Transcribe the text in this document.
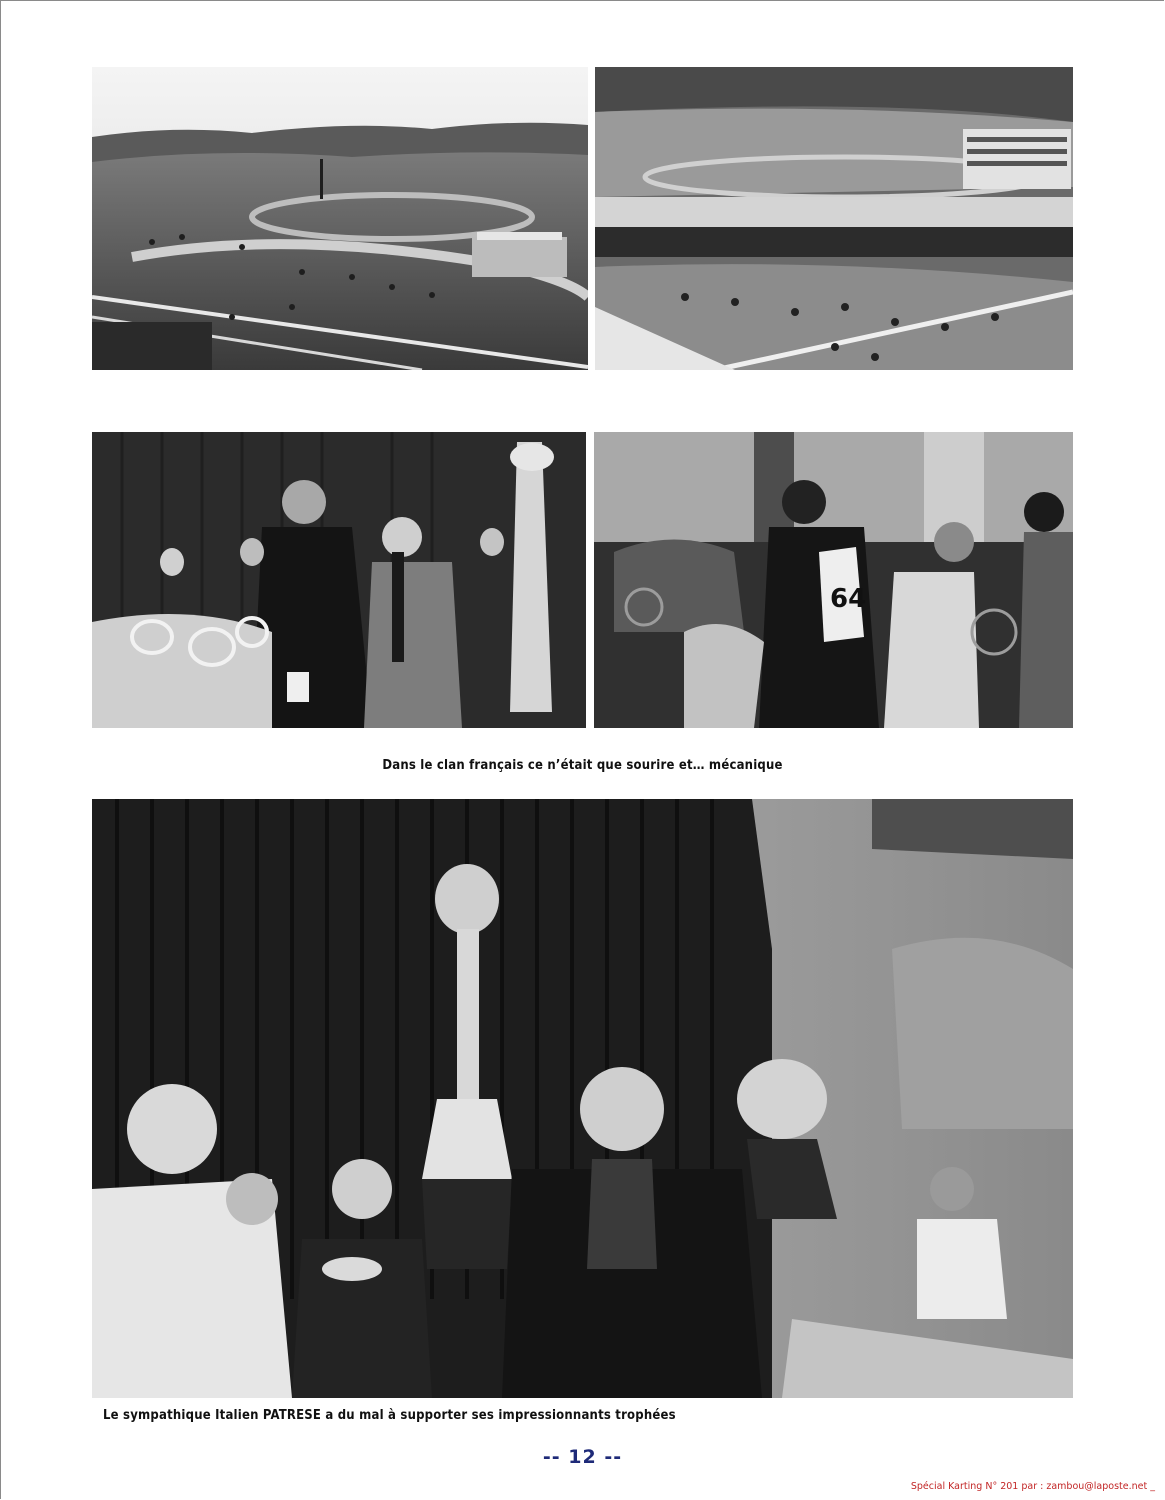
64
Dans le clan français ce n’était que sourire et… mécanique
Le sympathique Italien PATRESE a du mal à supporter ses impressionnants trophées
-- 12 --
Spécial Karting N° 201 par : zambou@laposte.net _
